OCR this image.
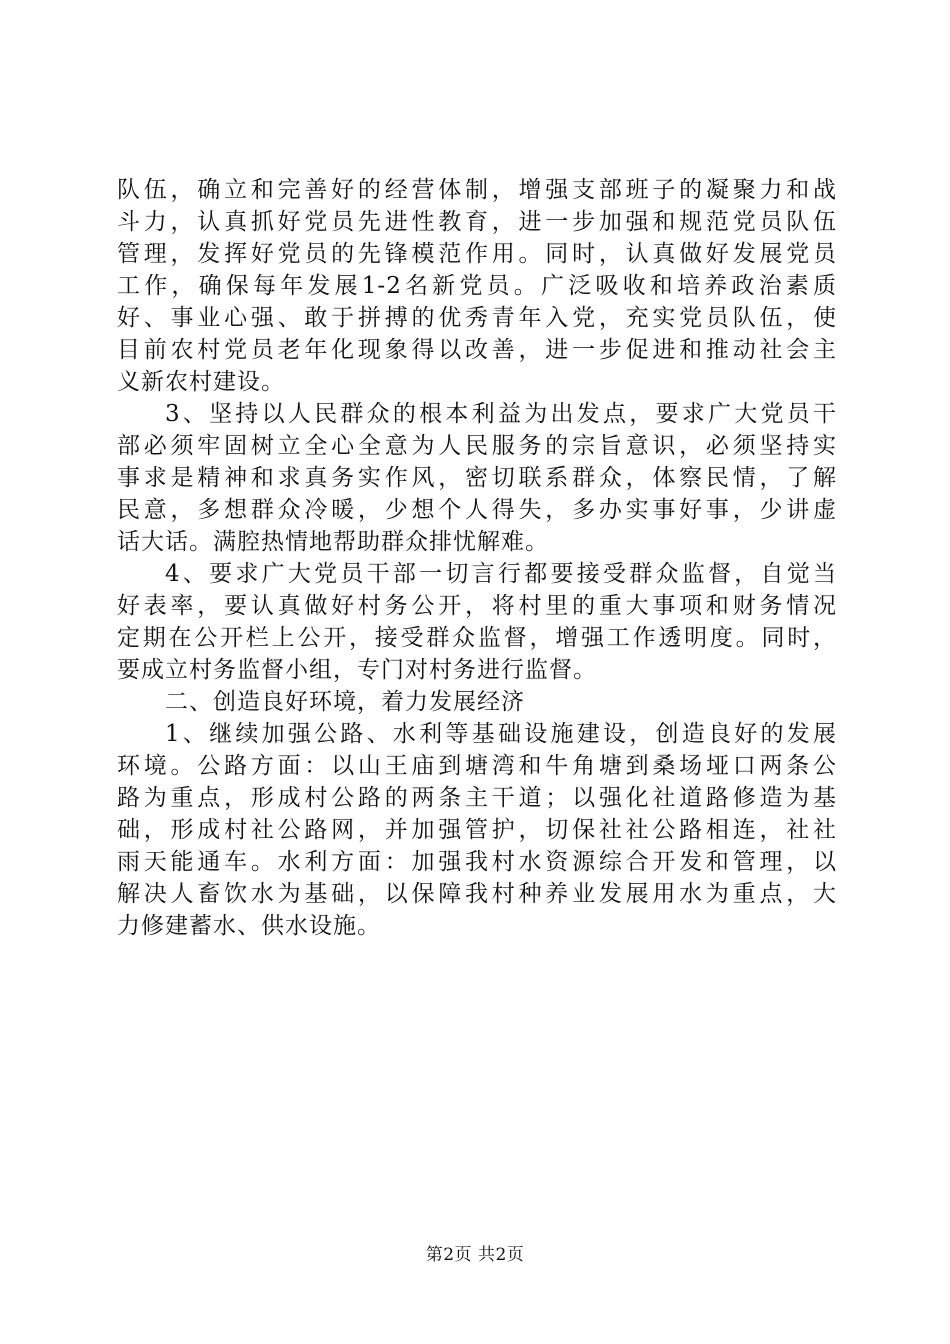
队伍，确立和完善好的经营体制，增强支部班子的凝聚力和战
斗力，认真抓好党员先进性教育，进一步加强和规范党员队伍
管理，发挥好党员的先锋模范作用。同时，认真做好发展党员
工作，确保每年发展1-2名新党员。广泛吸收和培养政治素质
好、事业心强、敢于拼搏的优秀青年入党，充实党员队伍，使
目前农村党员老年化现象得以改善，进一步促进和推动社会主
义新农村建设。
3、坚持以人民群众的根本利益为出发点，要求广大党员干
部必须牢固树立全心全意为人民服务的宗旨意识，必须坚持实
事求是精神和求真务实作风，密切联系群众，体察民情，了解
民意，多想群众冷暖，少想个人得失，多办实事好事，少讲虚
话大话。满腔热情地帮助群众排忧解难。
4、要求广大党员干部一切言行都要接受群众监督，自觉当
好表率，要认真做好村务公开，将村里的重大事项和财务情况
定期在公开栏上公开，接受群众监督，增强工作透明度。同时，
要成立村务监督小组，专门对村务进行监督。
二、创造良好环境，着力发展经济
1、继续加强公路、水利等基础设施建设，创造良好的发展
环境。公路方面：以山王庙到塘湾和牛角塘到桑场垭口两条公
路为重点，形成村公路的两条主干道；以强化社道路修造为基
础，形成村社公路网，并加强管护，切保社社公路相连，社社
雨天能通车。水利方面：加强我村水资源综合开发和管理，以
解决人畜饮水为基础，以保障我村种养业发展用水为重点，大
力修建蓄水、供水设施。
第2页 共2页
